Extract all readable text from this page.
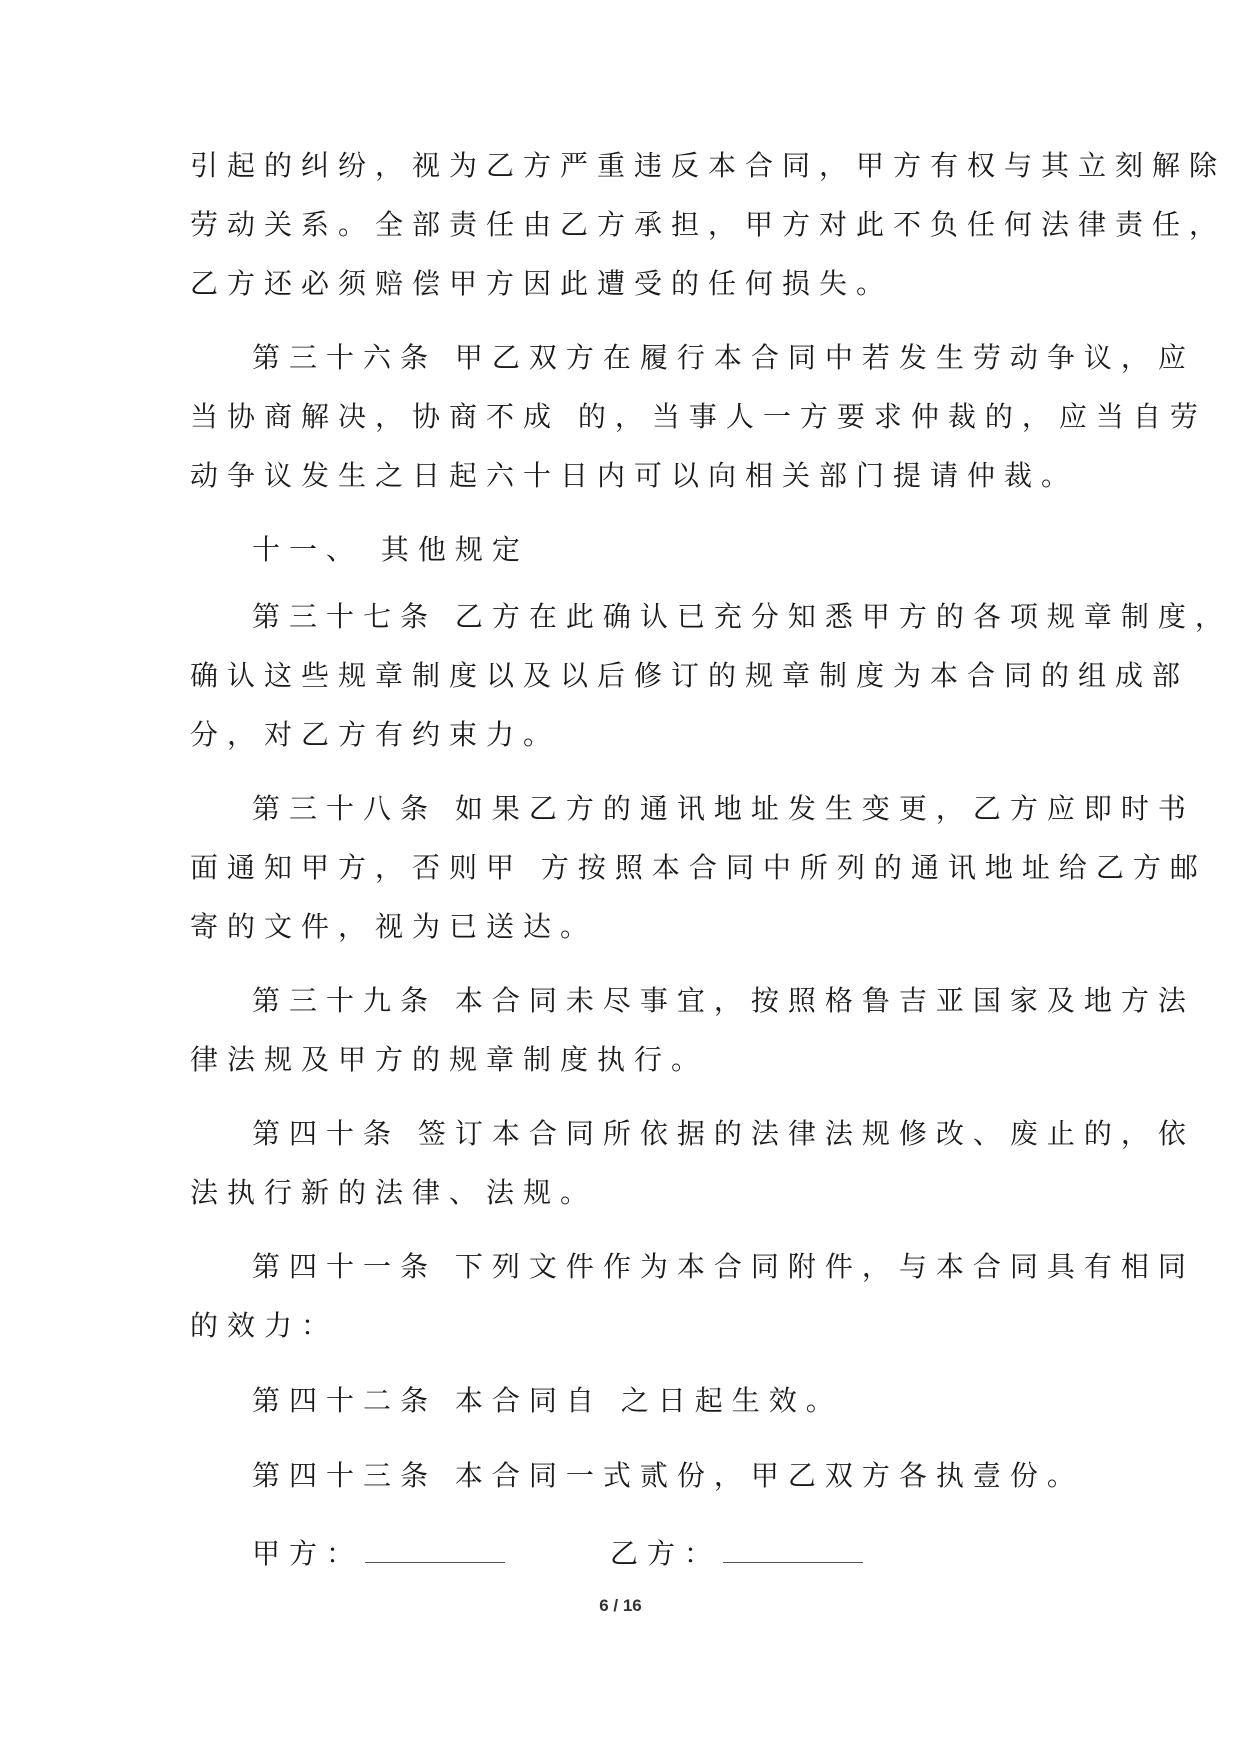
引起的纠纷，视为乙方严重违反本合同，甲方有权与其立刻解除
劳动关系。全部责任由乙方承担，甲方对此不负任何法律责任，
乙方还必须赔偿甲方因此遭受的任何损失。
第三十六条 甲乙双方在履行本合同中若发生劳动争议，应
当协商解决，协商不成 的，当事人一方要求仲裁的，应当自劳
动争议发生之日起六十日内可以向相关部门提请仲裁。
十一、 其他规定
第三十七条 乙方在此确认已充分知悉甲方的各项规章制度，
确认这些规章制度以及以后修订的规章制度为本合同的组成部
分，对乙方有约束力。
第三十八条 如果乙方的通讯地址发生变更，乙方应即时书
面通知甲方，否则甲 方按照本合同中所列的通讯地址给乙方邮
寄的文件，视为已送达。
第三十九条 本合同未尽事宜，按照格鲁吉亚国家及地方法
律法规及甲方的规章制度执行。
第四十条 签订本合同所依据的法律法规修改、废止的，依
法执行新的法律、法规。
第四十一条 下列文件作为本合同附件，与本合同具有相同
的效力：
第四十二条 本合同自 之日起生效。
第四十三条 本合同一式贰份，甲乙双方各执壹份。
甲方：	乙方：
6 / 16
